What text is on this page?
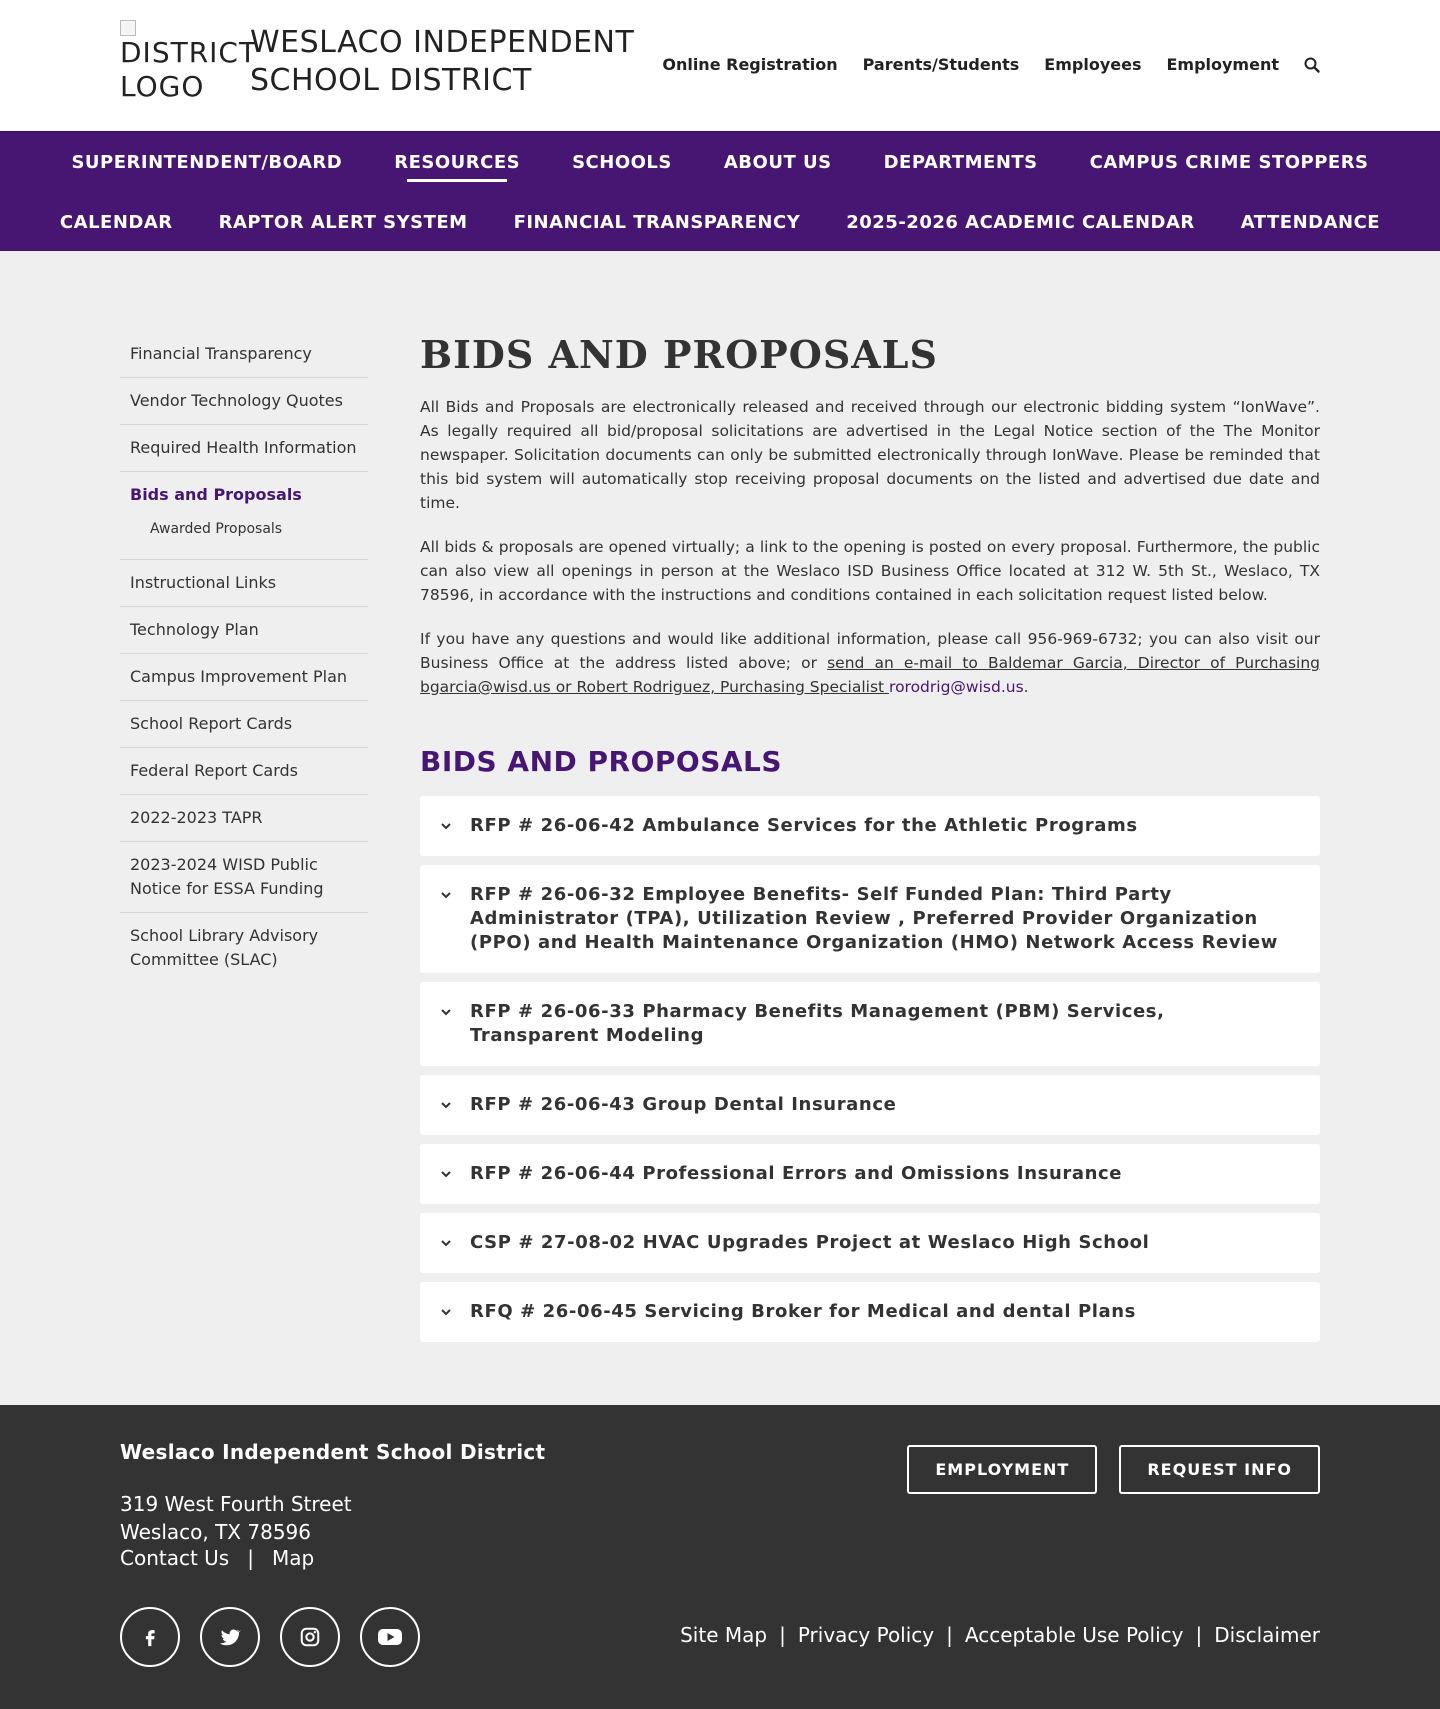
DISTRICT LOGO
WESLACO INDEPENDENT SCHOOL DISTRICT	Online Registration Parents/Students Employees Employment
SUPERINTENDENT/BOARD	RESOURCES	SCHOOLS	ABOUT US	DEPARTMENTS	CAMPUS CRIME STOPPERS
CALENDAR	RAPTOR ALERT SYSTEM	FINANCIAL TRANSPARENCY	2025-2026 ACADEMIC CALENDAR	ATTENDANCE
Financial Transparency
Vendor Technology Quotes
Required Health Information
Bids and Proposals
Awarded Proposals
Instructional Links
Technology Plan
Campus Improvement Plan
School Report Cards
Federal Report Cards
2022-2023 TAPR
2023-2024 WISD Public Notice for ESSA Funding
School Library Advisory Committee (SLAC)
BIDS AND PROPOSALS

All Bids and Proposals are electronically released and received through our electronic bidding system “IonWave”. As legally required all bid/proposal solicitations are advertised in the Legal Notice section of the The Monitor newspaper. Solicitation documents can only be submitted electronically through IonWave. Please be reminded that this bid system will automatically stop receiving proposal documents on the listed and advertised due date and time.

All bids & proposals are opened virtually; a link to the opening is posted on every proposal. Furthermore, the public can also view all openings in person at the Weslaco ISD Business Office located at 312 W. 5th St., Weslaco, TX 78596, in accordance with the instructions and conditions contained in each solicitation request listed below.

If you have any questions and would like additional information, please call 956-969-6732; you can also visit our Business Office at the address listed above; or send an e-mail to Baldemar Garcia, Director of Purchasing bgarcia@wisd.us or Robert Rodriguez, Purchasing Specialist rorodrig@wisd.us.

BIDS AND PROPOSALS
RFP # 26-06-42 Ambulance Services for the Athletic Programs
RFP # 26-06-32 Employee Benefits- Self Funded Plan: Third Party Administrator (TPA), Utilization Review , Preferred Provider Organization (PPO) and Health Maintenance Organization (HMO) Network Access Review
RFP # 26-06-33 Pharmacy Benefits Management (PBM) Services, Transparent Modeling
RFP # 26-06-43 Group Dental Insurance
RFP # 26-06-44 Professional Errors and Omissions Insurance
CSP # 27-08-02 HVAC Upgrades Project at Weslaco High School
RFQ # 26-06-45 Servicing Broker for Medical and dental Plans
Weslaco Independent School District
319 West Fourth Street
Weslaco, TX 78596
Contact Us | Map
EMPLOYMENT	REQUEST INFO
Site Map | Privacy Policy | Acceptable Use Policy | Disclaimer
